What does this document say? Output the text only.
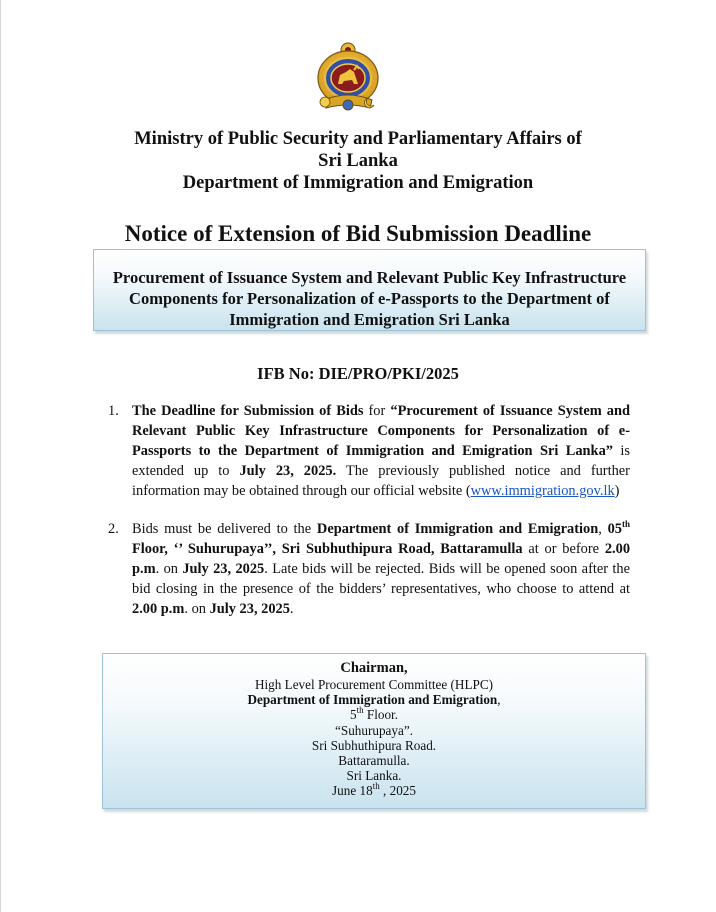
Ministry of Public Security and Parliamentary Affairs of
Sri Lanka
Department of Immigration and Emigration
Notice of Extension of Bid Submission Deadline
Procurement of Issuance System and Relevant Public Key Infrastructure
Components for Personalization of e-Passports to the Department of
Immigration and Emigration Sri Lanka
IFB No: DIE/PRO/PKI/2025
1. The Deadline for Submission of Bids for “Procurement of Issuance System and Relevant Public Key Infrastructure Components for Personalization of e-Passports to the Department of Immigration and Emigration Sri Lanka” is extended up to July 23, 2025. The previously published notice and further information may be obtained through our official website (www.immigration.gov.lk)
2. Bids must be delivered to the Department of Immigration and Emigration, 05th Floor, ‘’ Suhurupaya’’, Sri Subhuthipura Road, Battaramulla at or before 2.00 p.m. on July 23, 2025. Late bids will be rejected. Bids will be opened soon after the bid closing in the presence of the bidders’ representatives, who choose to attend at 2.00 p.m. on July 23, 2025.
Chairman,
High Level Procurement Committee (HLPC)
Department of Immigration and Emigration,
5th Floor.
“Suhurupaya”.
Sri Subhuthipura Road.
Battaramulla.
Sri Lanka.
June 18th , 2025
